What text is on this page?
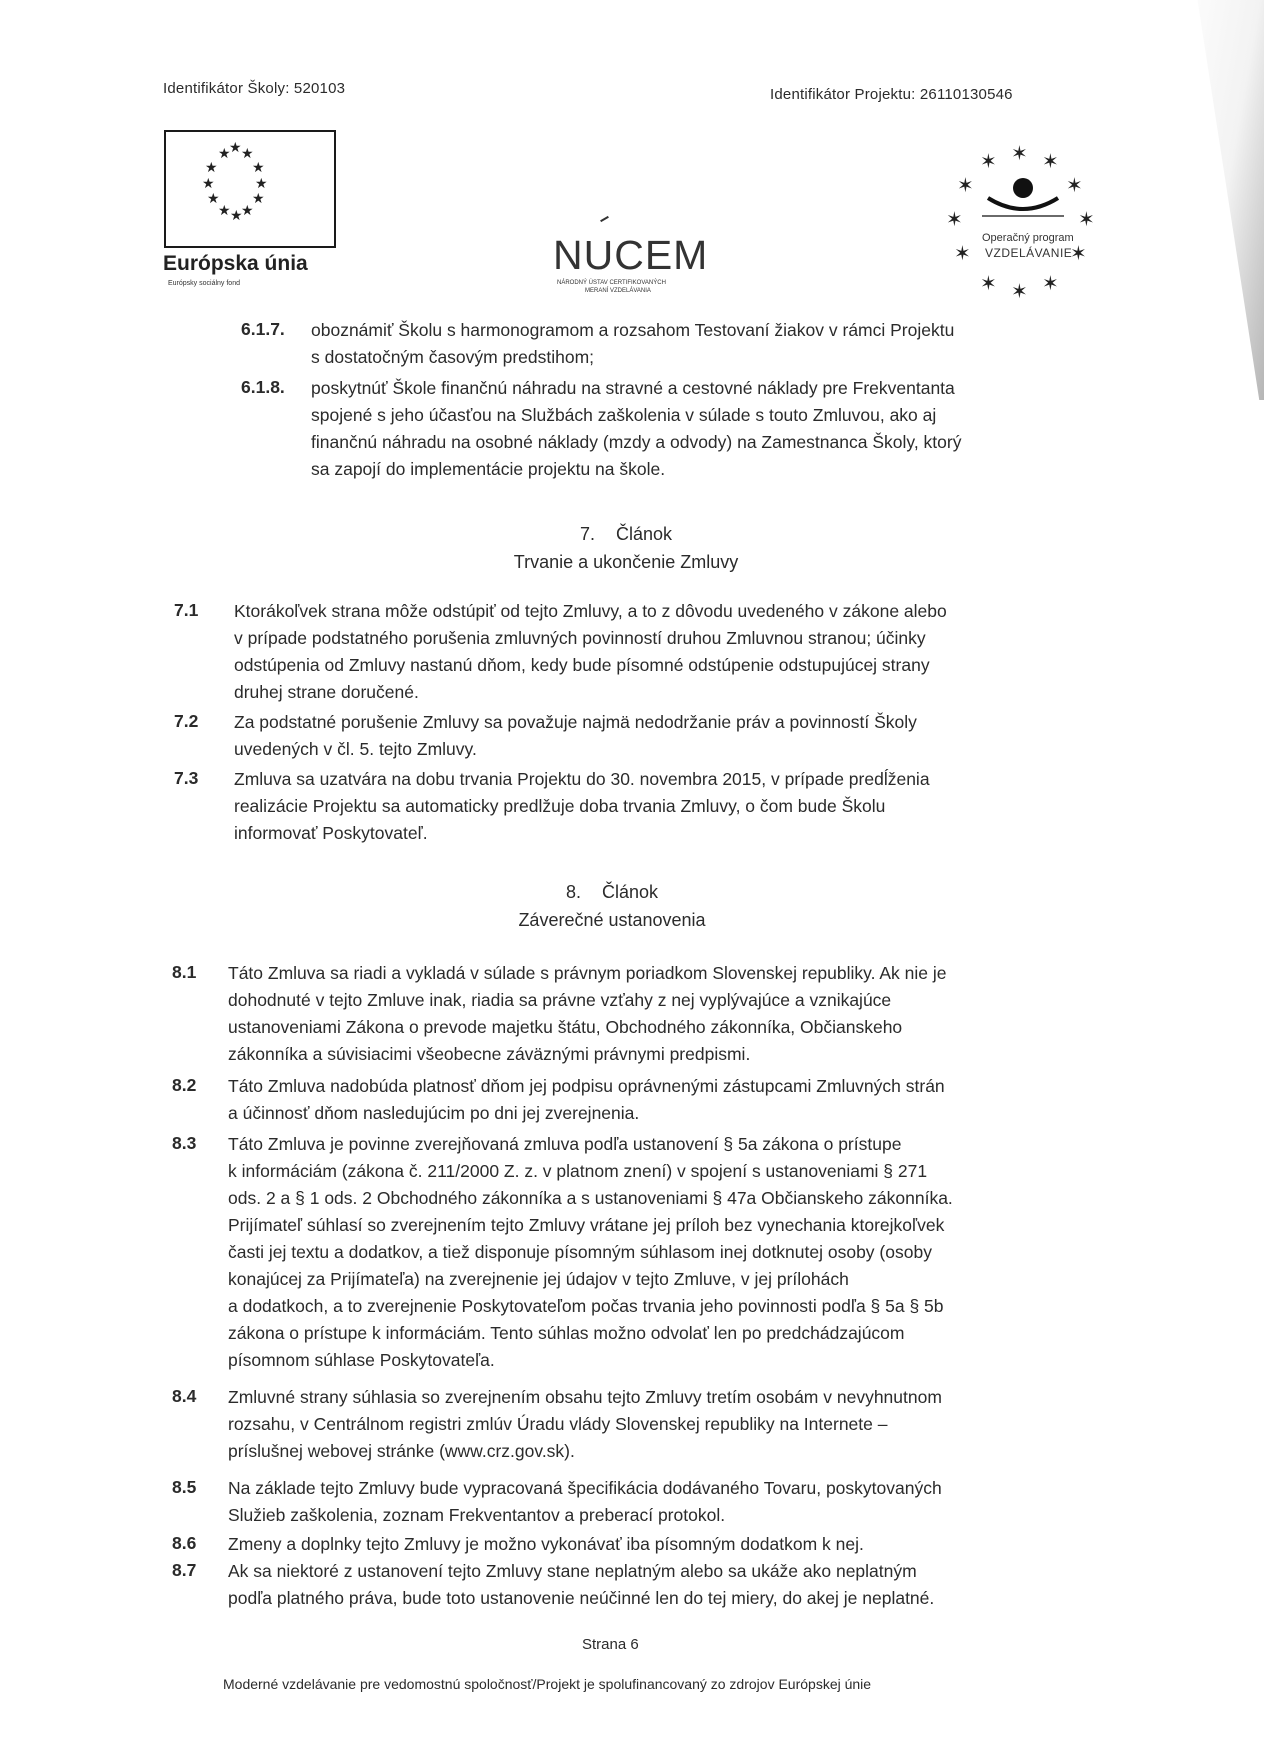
Identifikátor Školy: 520103	Identifikátor Projektu: 26110130546
★
★ ★
★ ★
★	★
★ ★
★ ★
★
Európska únia
Európsky sociálny fond
NUCEM
NÁRODNÝ ÚSTAV CERTIFIKOVANÝCH
MERANÍ VZDELÁVANIA
✶ ✶ ✶
✶	✶
✶	✶
✶	✶
✶ ✶ ✶
Operačný program
VZDELÁVANIE
6.1.7. oboznámiť Školu s harmonogramom a rozsahom Testovaní žiakov v rámci Projektu
s dostatočným časovým predstihom;
6.1.8. poskytnúť Škole finančnú náhradu na stravné a cestovné náklady pre Frekventanta
spojené s jeho účasťou na Službách zaškolenia v súlade s touto Zmluvou, ako aj
finančnú náhradu na osobné náklady (mzdy a odvody) na Zamestnanca Školy, ktorý
sa zapojí do implementácie projektu na škole.
7. Článok
Trvanie a ukončenie Zmluvy
7.1 Ktorákoľvek strana môže odstúpiť od tejto Zmluvy, a to z dôvodu uvedeného v zákone alebo
v prípade podstatného porušenia zmluvných povinností druhou Zmluvnou stranou; účinky
odstúpenia od Zmluvy nastanú dňom, kedy bude písomné odstúpenie odstupujúcej strany
druhej strane doručené.
7.2 Za podstatné porušenie Zmluvy sa považuje najmä nedodržanie práv a povinností Školy
uvedených v čl. 5. tejto Zmluvy.
7.3 Zmluva sa uzatvára na dobu trvania Projektu do 30. novembra 2015, v prípade predĺženia
realizácie Projektu sa automaticky predlžuje doba trvania Zmluvy, o čom bude Školu
informovať Poskytovateľ.
8. Článok
Záverečné ustanovenia
8.1 Táto Zmluva sa riadi a vykladá v súlade s právnym poriadkom Slovenskej republiky. Ak nie je
dohodnuté v tejto Zmluve inak, riadia sa právne vzťahy z nej vyplývajúce a vznikajúce
ustanoveniami Zákona o prevode majetku štátu, Obchodného zákonníka, Občianskeho
zákonníka a súvisiacimi všeobecne záväznými právnymi predpismi.
8.2 Táto Zmluva nadobúda platnosť dňom jej podpisu oprávnenými zástupcami Zmluvných strán
a účinnosť dňom nasledujúcim po dni jej zverejnenia.
8.3 Táto Zmluva je povinne zverejňovaná zmluva podľa ustanovení § 5a zákona o prístupe
k informáciám (zákona č. 211/2000 Z. z. v platnom znení) v spojení s ustanoveniami § 271
ods. 2 a § 1 ods. 2 Obchodného zákonníka a s ustanoveniami § 47a Občianskeho zákonníka.
Prijímateľ súhlasí so zverejnením tejto Zmluvy vrátane jej príloh bez vynechania ktorejkoľvek
časti jej textu a dodatkov, a tiež disponuje písomným súhlasom inej dotknutej osoby (osoby
konajúcej za Prijímateľa) na zverejnenie jej údajov v tejto Zmluve, v jej prílohách
a dodatkoch, a to zverejnenie Poskytovateľom počas trvania jeho povinnosti podľa § 5a § 5b
zákona o prístupe k informáciám. Tento súhlas možno odvolať len po predchádzajúcom
písomnom súhlase Poskytovateľa.
8.4 Zmluvné strany súhlasia so zverejnením obsahu tejto Zmluvy tretím osobám v nevyhnutnom
rozsahu, v Centrálnom registri zmlúv Úradu vlády Slovenskej republiky na Internete –
príslušnej webovej stránke (www.crz.gov.sk).
8.5 Na základe tejto Zmluvy bude vypracovaná špecifikácia dodávaného Tovaru, poskytovaných
Služieb zaškolenia, zoznam Frekventantov a preberací protokol.
8.6 Zmeny a doplnky tejto Zmluvy je možno vykonávať iba písomným dodatkom k nej.
8.7 Ak sa niektoré z ustanovení tejto Zmluvy stane neplatným alebo sa ukáže ako neplatným
podľa platného práva, bude toto ustanovenie neúčinné len do tej miery, do akej je neplatné.
Strana 6
Moderné vzdelávanie pre vedomostnú spoločnosť/Projekt je spolufinancovaný zo zdrojov Európskej únie
